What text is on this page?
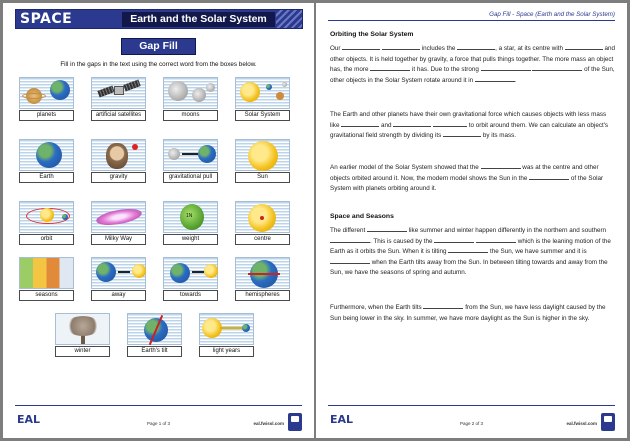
SPACE	Earth and the Solar System
Gap Fill
Fill in the gaps in the text using the correct word from the boxes below.
planets	artificial satellites	moons	Solar System
Earth	gravity	gravitational pull	Sun
orbit	Milky Way
1N
weight	centre
seasons	away	towards	hemispheres
winter	Earth's tilt	light years
EAL	Page 1 of 3	eal.fwissl.com
Gap Fill - Space (Earth and the Solar System)
Orbiting the Solar System
Our	includes the	, a star, at its centre with	and other objects. It is held together by gravity, a force that pulls things together. The more mass an object has, the more	it has. Due to the strong	of the Sun, other objects in the Solar System rotate around it in	.
The Earth and other planets have their own gravitational force which causes objects with less mass like	and	to orbit around them. We can calculate an object's gravitational field strength by dividing its	by its mass.
An earlier model of the Solar System showed that the	was at the centre and other objects orbited around it. Now, the modern model shows the Sun in the	of the Solar System with planets orbiting around it.
Space and Seasons
The different	like summer and winter happen differently in the northern and southern . This is caused by the	which is the leaning motion of the Earth as it orbits the Sun. When it is tilting	the Sun, we have summer and it is  when the Earth tilts away from the Sun. In between tilting towards and away from the Sun, we have the seasons of spring and autumn.
Furthermore, when the Earth tilts	from the Sun, we have less daylight caused by the Sun being lower in the sky. In summer, we have more daylight as the Sun is higher in the sky.
EAL	Page 2 of 3	eal.fwissl.com
